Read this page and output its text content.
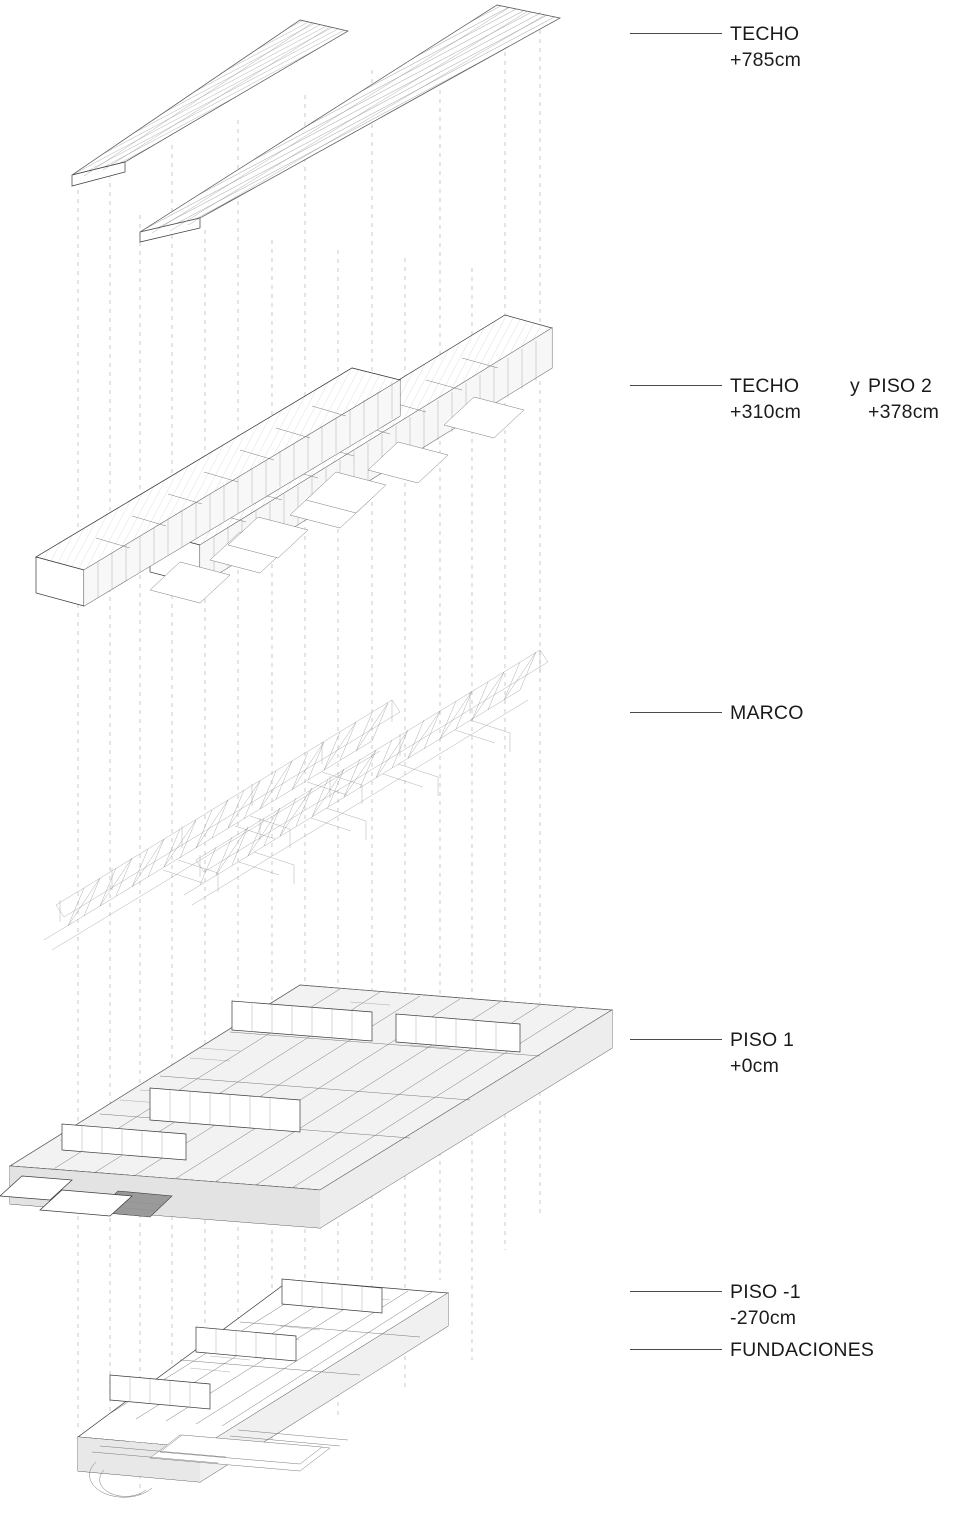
TECHO
+785cm
TECHO	y PISO 2
+310cm	+378cm
MARCO
PISO 1
+0cm
PISO -1
-270cm
FUNDACIONES
